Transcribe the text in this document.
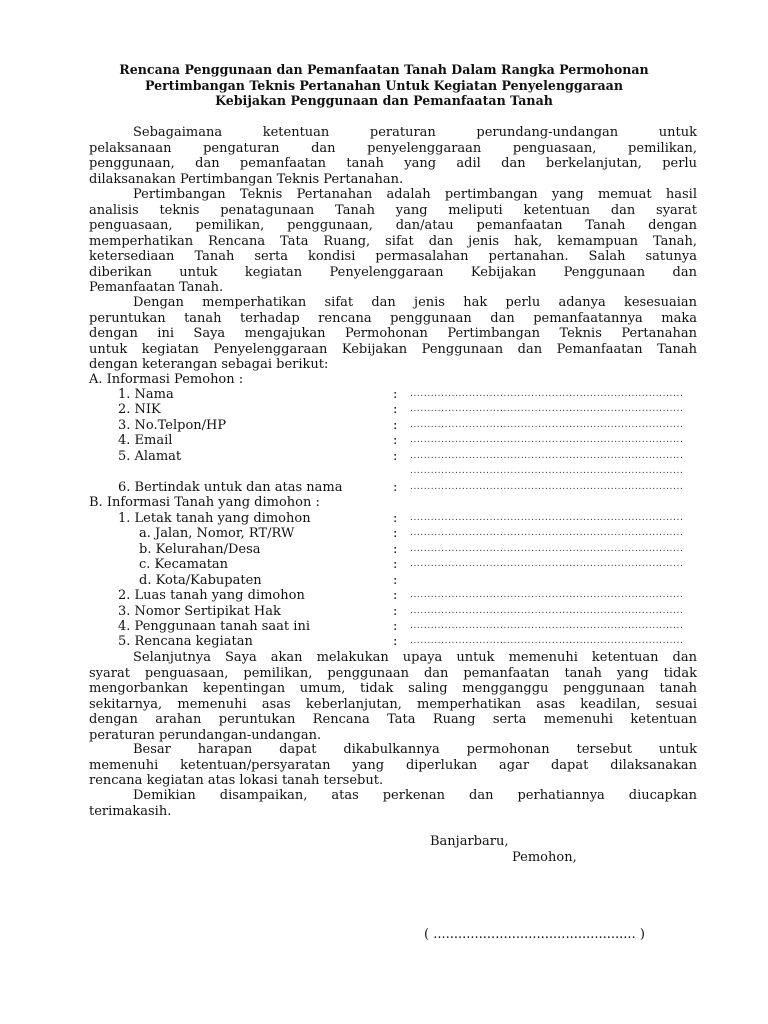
Rencana Penggunaan dan Pemanfaatan Tanah Dalam Rangka Permohonan
Pertimbangan Teknis Pertanahan Untuk Kegiatan Penyelenggaraan
Kebijakan Penggunaan dan Pemanfaatan Tanah
Sebagaimana ketentuan peraturan perundang-undangan untuk
pelaksanaan pengaturan dan penyelenggaraan penguasaan, pemilikan,
penggunaan, dan pemanfaatan tanah yang adil dan berkelanjutan, perlu
dilaksanakan Pertimbangan Teknis Pertanahan.
Pertimbangan Teknis Pertanahan adalah pertimbangan yang memuat hasil
analisis teknis penatagunaan Tanah yang meliputi ketentuan dan syarat
penguasaan, pemilikan, penggunaan, dan/atau pemanfaatan Tanah dengan
memperhatikan Rencana Tata Ruang, sifat dan jenis hak, kemampuan Tanah,
ketersediaan Tanah serta kondisi permasalahan pertanahan. Salah satunya
diberikan untuk kegiatan Penyelenggaraan Kebijakan Penggunaan dan
Pemanfaatan Tanah.
Dengan memperhatikan sifat dan jenis hak perlu adanya kesesuaian
peruntukan tanah terhadap rencana penggunaan dan pemanfaatannya maka
dengan ini Saya mengajukan Permohonan Pertimbangan Teknis Pertanahan
untuk kegiatan Penyelenggaraan Kebijakan Penggunaan dan Pemanfaatan Tanah
dengan keterangan sebagai berikut:
A. Informasi Pemohon :
1. Nama	: ...............................................................................
2. NIK	: ...............................................................................
3. No.Telpon/HP	: ...............................................................................
4. Email	: ...............................................................................
5. Alamat	: ...............................................................................
...............................................................................
6. Bertindak untuk dan atas nama	: ...............................................................................
B. Informasi Tanah yang dimohon :
1. Letak tanah yang dimohon	: ...............................................................................
a. Jalan, Nomor, RT/RW	: ...............................................................................
b. Kelurahan/Desa	: ...............................................................................
c. Kecamatan	: ...............................................................................
d. Kota/Kabupaten	:
2. Luas tanah yang dimohon	: ...............................................................................
3. Nomor Sertipikat Hak	: ...............................................................................
4. Penggunaan tanah saat ini	: ...............................................................................
5. Rencana kegiatan	: ...............................................................................
Selanjutnya Saya akan melakukan upaya untuk memenuhi ketentuan dan
syarat penguasaan, pemilikan, penggunaan dan pemanfaatan tanah yang tidak
mengorbankan kepentingan umum, tidak saling mengganggu penggunaan tanah
sekitarnya, memenuhi asas keberlanjutan, memperhatikan asas keadilan, sesuai
dengan arahan peruntukan Rencana Tata Ruang serta memenuhi ketentuan
peraturan perundangan-undangan.
Besar harapan dapat dikabulkannya permohonan tersebut untuk
memenuhi ketentuan/persyaratan yang diperlukan agar dapat dilaksanakan
rencana kegiatan atas lokasi tanah tersebut.
Demikian disampaikan, atas perkenan dan perhatiannya diucapkan
terimakasih.
Banjarbaru,
Pemohon,
( ................................................. )
